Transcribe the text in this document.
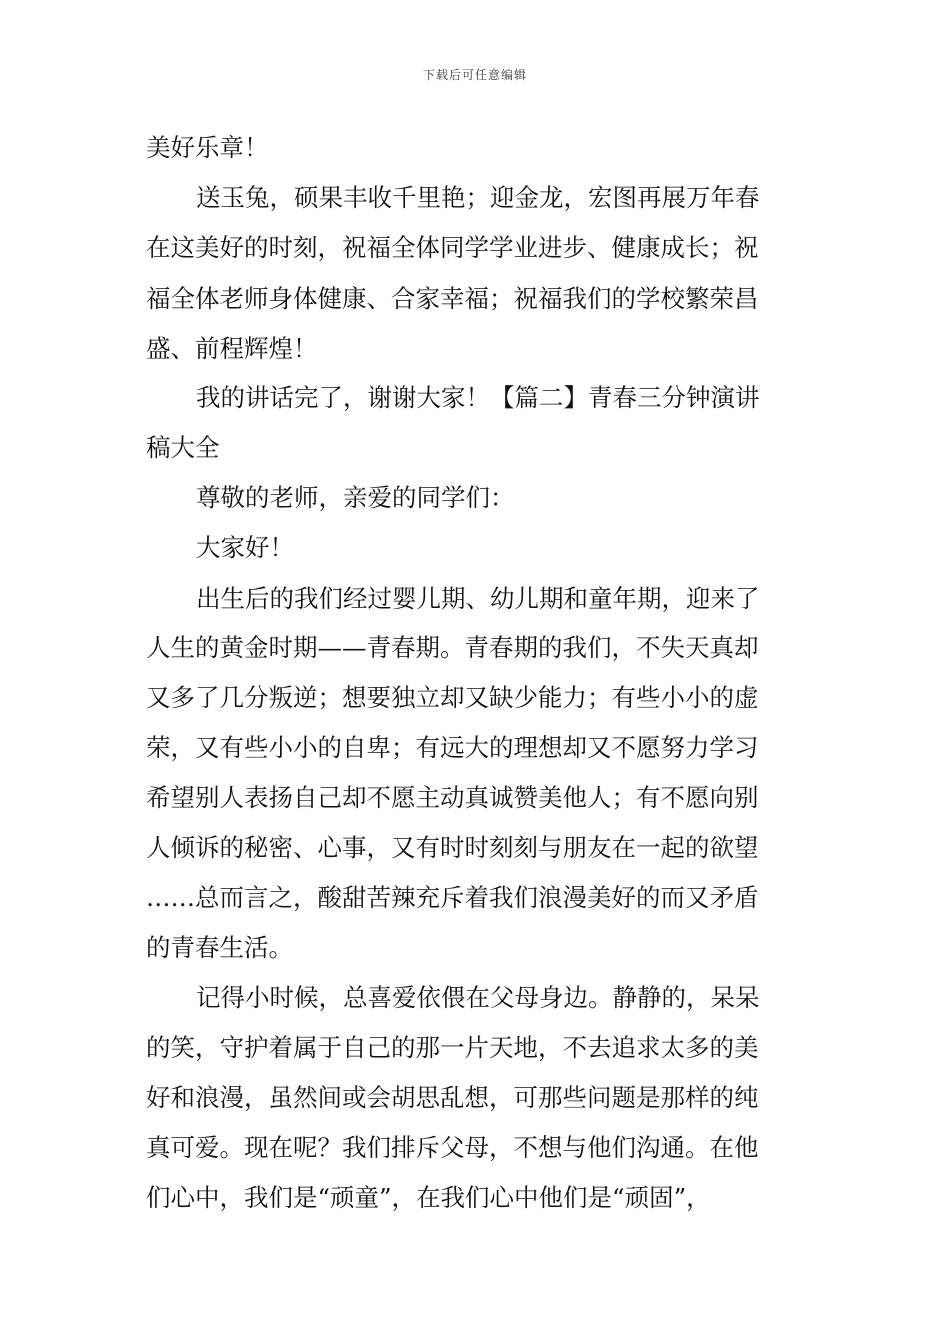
下载后可任意编辑
美好乐章！
送玉兔，硕果丰收千里艳；迎金龙，宏图再展万年春
在这美好的时刻，祝福全体同学学业进步、健康成长；祝
福全体老师身体健康、合家幸福；祝福我们的学校繁荣昌
盛、前程辉煌！
我的讲话完了，谢谢大家！【篇二】青春三分钟演讲
稿大全
尊敬的老师，亲爱的同学们：
大家好！
出生后的我们经过婴儿期、幼儿期和童年期，迎来了
人生的黄金时期——青春期。青春期的我们，不失天真却
又多了几分叛逆；想要独立却又缺少能力；有些小小的虚
荣，又有些小小的自卑；有远大的理想却又不愿努力学习
希望别人表扬自己却不愿主动真诚赞美他人；有不愿向别
人倾诉的秘密、心事，又有时时刻刻与朋友在一起的欲望
……总而言之，酸甜苦辣充斥着我们浪漫美好的而又矛盾
的青春生活。
记得小时候，总喜爱依偎在父母身边。静静的，呆呆
的笑，守护着属于自己的那一片天地，不去追求太多的美
好和浪漫，虽然间或会胡思乱想，可那些问题是那样的纯
真可爱。现在呢？我们排斥父母，不想与他们沟通。在他
们心中，我们是“顽童”，在我们心中他们是“顽固”，
